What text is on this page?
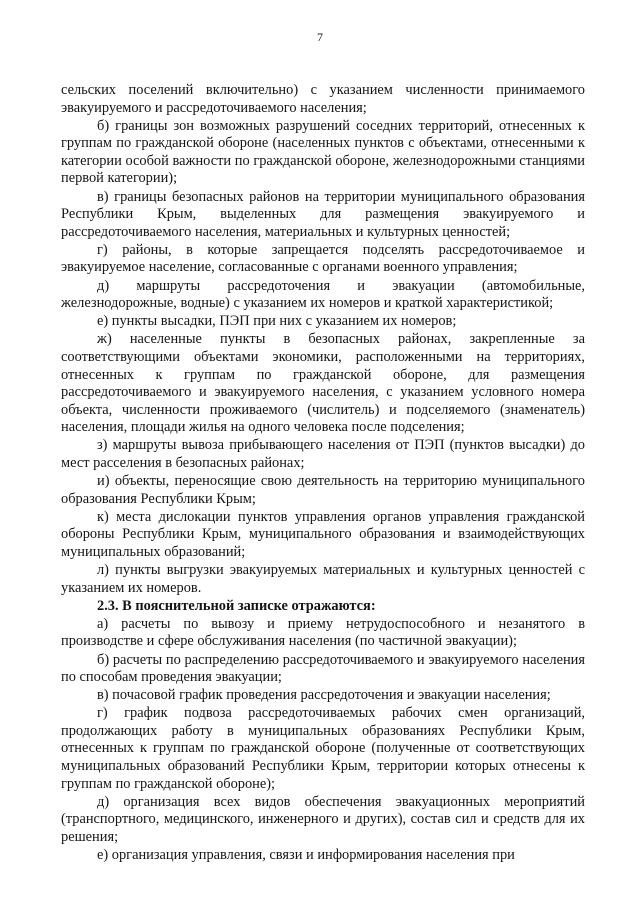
7

сельских поселений включительно) с указанием численности принимаемого эвакуируемого и рассредоточиваемого населения;

б) границы зон возможных разрушений соседних территорий, отнесенных к группам по гражданской обороне (населенных пунктов с объектами, отнесенными к категории особой важности по гражданской обороне, железнодорожными станциями первой категории);

в) границы безопасных районов на территории муниципального образования Республики Крым, выделенных для размещения эвакуируемого и рассредоточиваемого населения, материальных и культурных ценностей;

г) районы, в которые запрещается подселять рассредоточиваемое и эвакуируемое население, согласованные с органами военного управления;

д) маршруты рассредоточения и эвакуации (автомобильные, железнодорожные, водные) с указанием их номеров и краткой характеристикой;

е) пункты высадки, ПЭП при них с указанием их номеров;

ж) населенные пункты в безопасных районах, закрепленные за соответствующими объектами экономики, расположенными на территориях, отнесенных к группам по гражданской обороне, для размещения рассредоточиваемого и эвакуируемого населения, с указанием условного номера объекта, численности проживаемого (числитель) и подселяемого (знаменатель) населения, площади жилья на одного человека после подселения;

з) маршруты вывоза прибывающего населения от ПЭП (пунктов высадки) до мест расселения в безопасных районах;

и) объекты, переносящие свою деятельность на территорию муниципального образования Республики Крым;

к) места дислокации пунктов управления органов управления гражданской обороны Республики Крым, муниципального образования и взаимодействующих муниципальных образований;

л) пункты выгрузки эвакуируемых материальных и культурных ценностей с указанием их номеров.

2.3. В пояснительной записке отражаются:

а) расчеты по вывозу и приему нетрудоспособного и незанятого в производстве и сфере обслуживания населения (по частичной эвакуации);

б) расчеты по распределению рассредоточиваемого и эвакуируемого населения по способам проведения эвакуации;

в) почасовой график проведения рассредоточения и эвакуации населения;

г) график подвоза рассредоточиваемых рабочих смен организаций, продолжающих работу в муниципальных образованиях Республики Крым, отнесенных к группам по гражданской обороне (полученные от соответствующих муниципальных образований Республики Крым, территории которых отнесены к группам по гражданской обороне);

д) организация всех видов обеспечения эвакуационных мероприятий (транспортного, медицинского, инженерного и других), состав сил и средств для их решения;

е) организация управления, связи и информирования населения при
